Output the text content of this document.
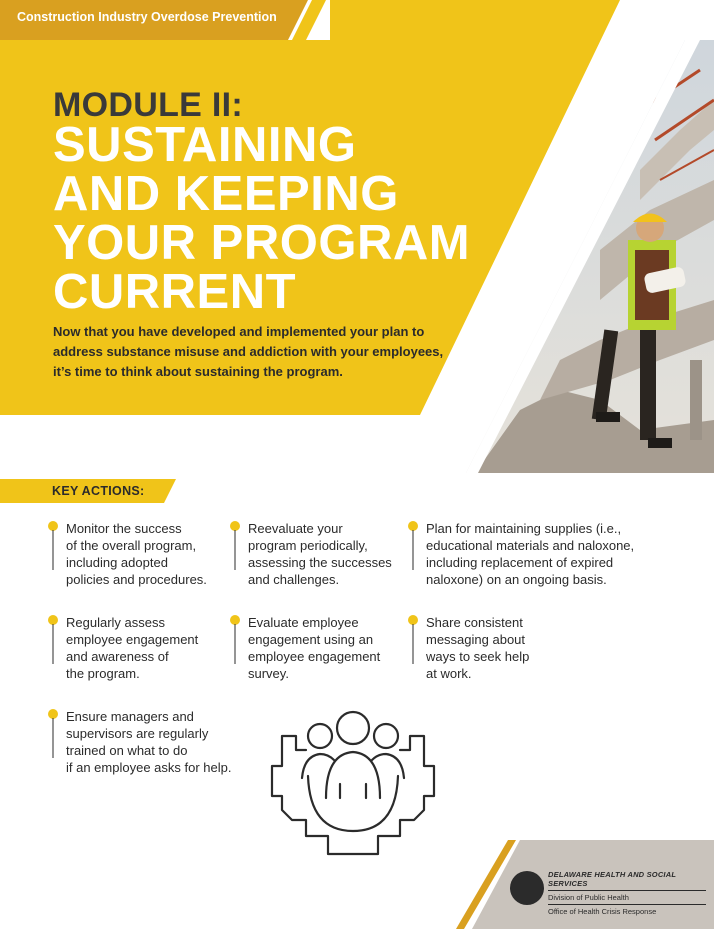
Construction Industry Overdose Prevention
MODULE II:
SUSTAINING
AND KEEPING
YOUR PROGRAM
CURRENT
Now that you have developed and implemented your plan to address substance misuse and addiction with your employees, it’s time to think about sustaining the program.
KEY ACTIONS:
Monitor the success
of the overall program,
including adopted
policies and procedures.
Reevaluate your
program periodically,
assessing the successes
and challenges.
Plan for maintaining supplies (i.e.,
educational materials and naloxone,
including replacement of expired
naloxone) on an ongoing basis.
Regularly assess
employee engagement
and awareness of
the program.
Evaluate employee
engagement using an
employee engagement
survey.
Share consistent
messaging about
ways to seek help
at work.
Ensure managers and
supervisors are regularly
trained on what to do
if an employee asks for help.
DELAWARE HEALTH AND SOCIAL SERVICES
Division of Public Health
Office of Health Crisis Response
